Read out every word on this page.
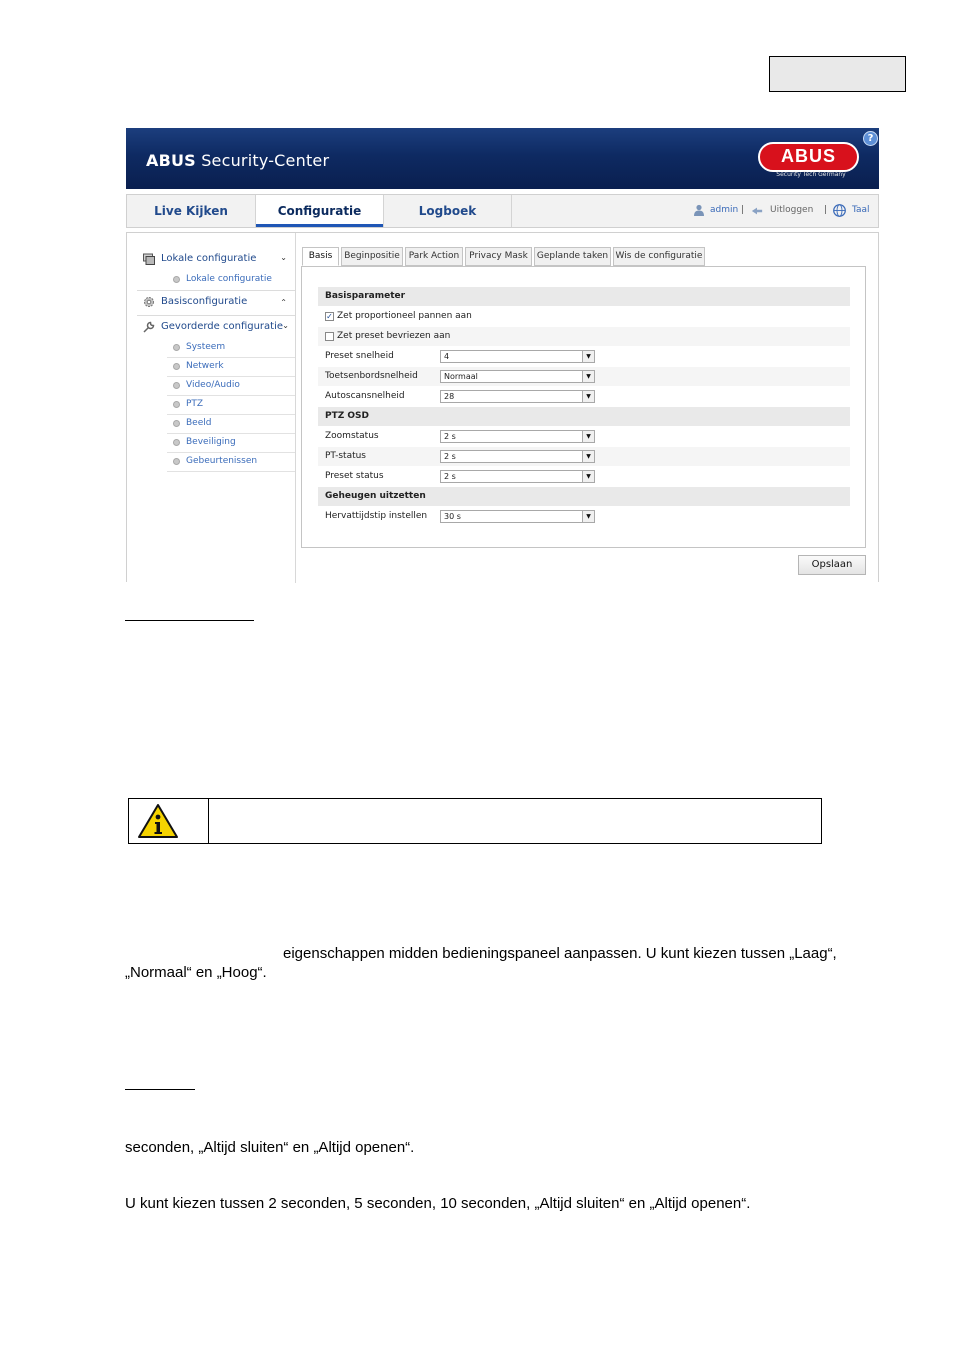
ABUS Security-Center	ABUS
Security Tech Germany
?
Live Kijken	Configuratie	Logboek	admin |	Uitloggen |	Taal
Lokale configuratie	⌄
Lokale configuratie
Basisconfiguratie	⌃
Gevorderde configuratie ⌄
Systeem
Netwerk
Video/Audio
PTZ
Beeld
Beveiliging
Gebeurtenissen
Basis	Beginpositie Park Action	Privacy Mask	Geplande taken Wis de configuratie
Basisparameter
✓ Zet proportioneel pannen aan
Zet preset bevriezen aan
Preset snelheid	4	▼
Toetsenbordsnelheid	Normaal	▼
Autoscansnelheid	28	▼
PTZ OSD
Zoomstatus	2 s	▼
PT-status	2 s	▼
Preset status	2 s	▼
Geheugen uitzetten
Hervattijdstip instellen	30 s	▼
Opslaan
eigenschappen midden bedieningspaneel aanpassen. U kunt kiezen tussen „Laag“,
„Normaal“ en „Hoog“.
seconden, „Altijd sluiten“ en „Altijd openen“.
U kunt kiezen tussen 2 seconden, 5 seconden, 10 seconden, „Altijd sluiten“ en „Altijd openen“.
